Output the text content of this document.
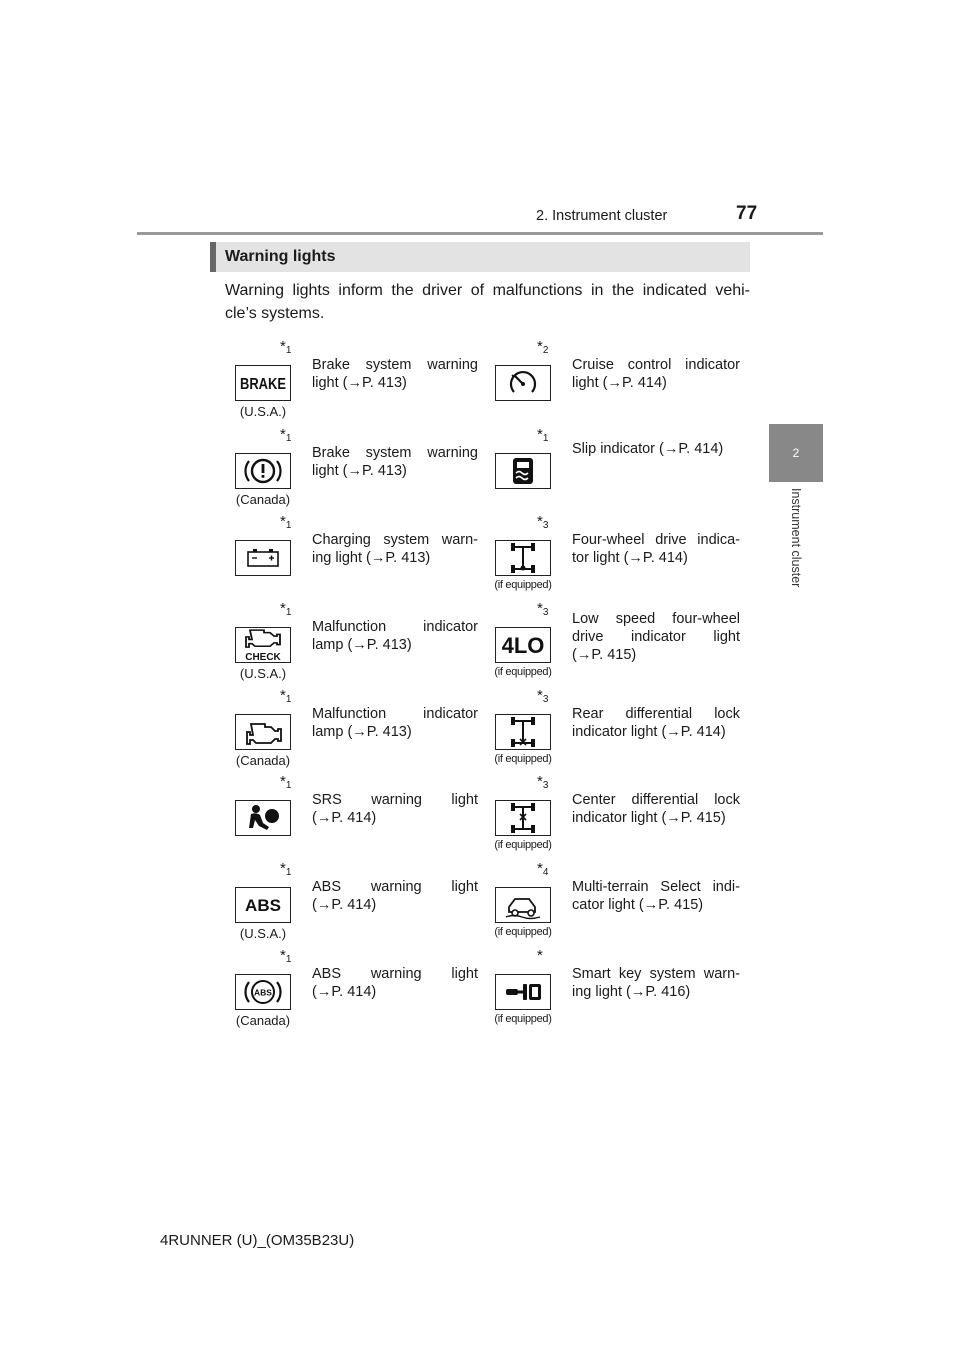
2. Instrument cluster	77
2
Instrument cluster
Warning lights
Warning lights inform the driver of malfunctions in the indicated vehi-
cle’s systems.
$*_1$
BRAKE
(U.S.A.)
Brake system warning
light (→P. 413)
$*_1$
(Canada)
Brake system warning
light (→P. 413)
$*_1$
Charging system warn-
ing light (→P. 413)
$*_1$
CHECK
(U.S.A.)
Malfunction indicator
lamp (→P. 413)
$*_1$
(Canada)
Malfunction indicator
lamp (→P. 413)
$*_1$
SRS warning light
(→P. 414)
$*_1$
ABS
(U.S.A.)
ABS warning light
(→P. 414)
$*_1$
ABS
(Canada)
ABS warning light
(→P. 414)
$*_2$
Cruise control indicator
light (→P. 414)
$*_1$
Slip indicator (→P. 414)
$*_3$
(if equipped)
Four-wheel drive indica-
tor light (→P. 414)
$*_3$
4LO
(if equipped)
Low speed four-wheel
drive indicator light
(→P. 415)
$*_3$
(if equipped)
Rear differential lock
indicator light (→P. 414)
$*_3$
(if equipped)
Center differential lock
indicator light (→P. 415)
$*_4$
(if equipped)
Multi-terrain Select indi-
cator light (→P. 415)
*
(if equipped)
Smart key system warn-
ing light (→P. 416)
4RUNNER (U)_(OM35B23U)
